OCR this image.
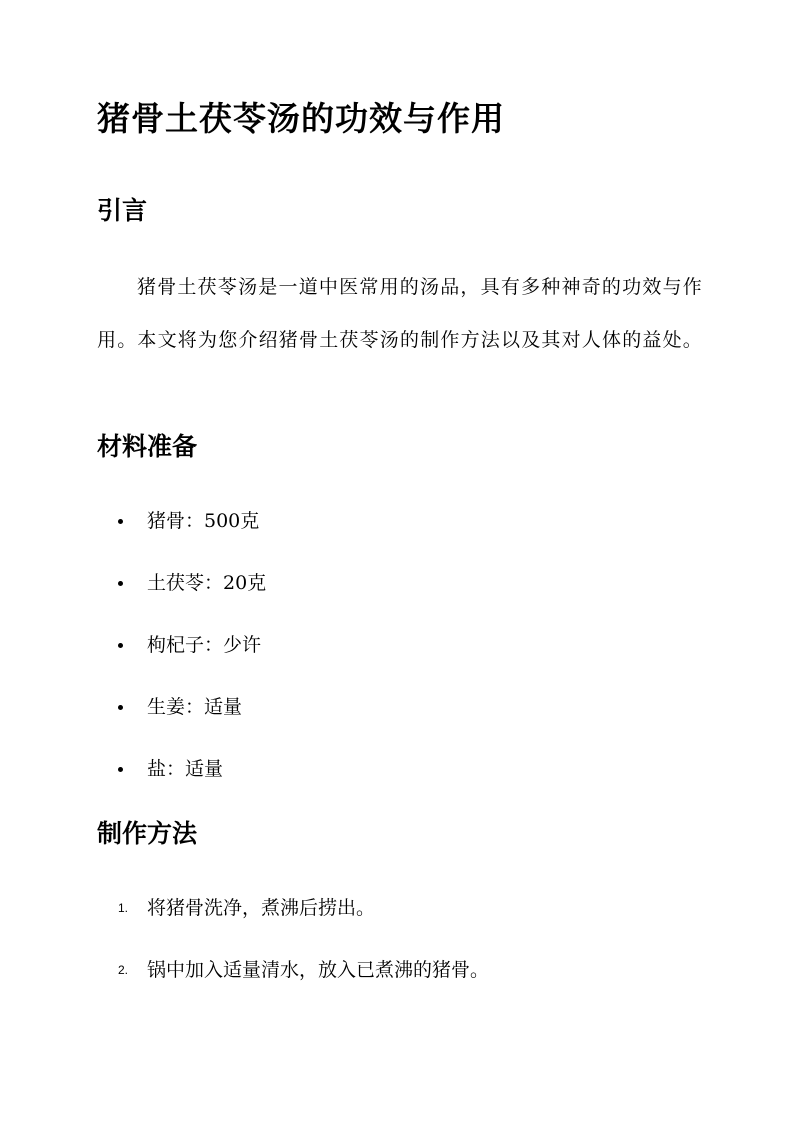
猪骨土茯苓汤的功效与作用
引言
猪骨土茯苓汤是一道中医常用的汤品，具有多种神奇的功效与作用。本文将为您介绍猪骨土茯苓汤的制作方法以及其对人体的益处。
材料准备
猪骨：500克
土茯苓：20克
枸杞子：少许
生姜：适量
盐：适量
制作方法
1. 将猪骨洗净，煮沸后捞出。
2. 锅中加入适量清水，放入已煮沸的猪骨。
